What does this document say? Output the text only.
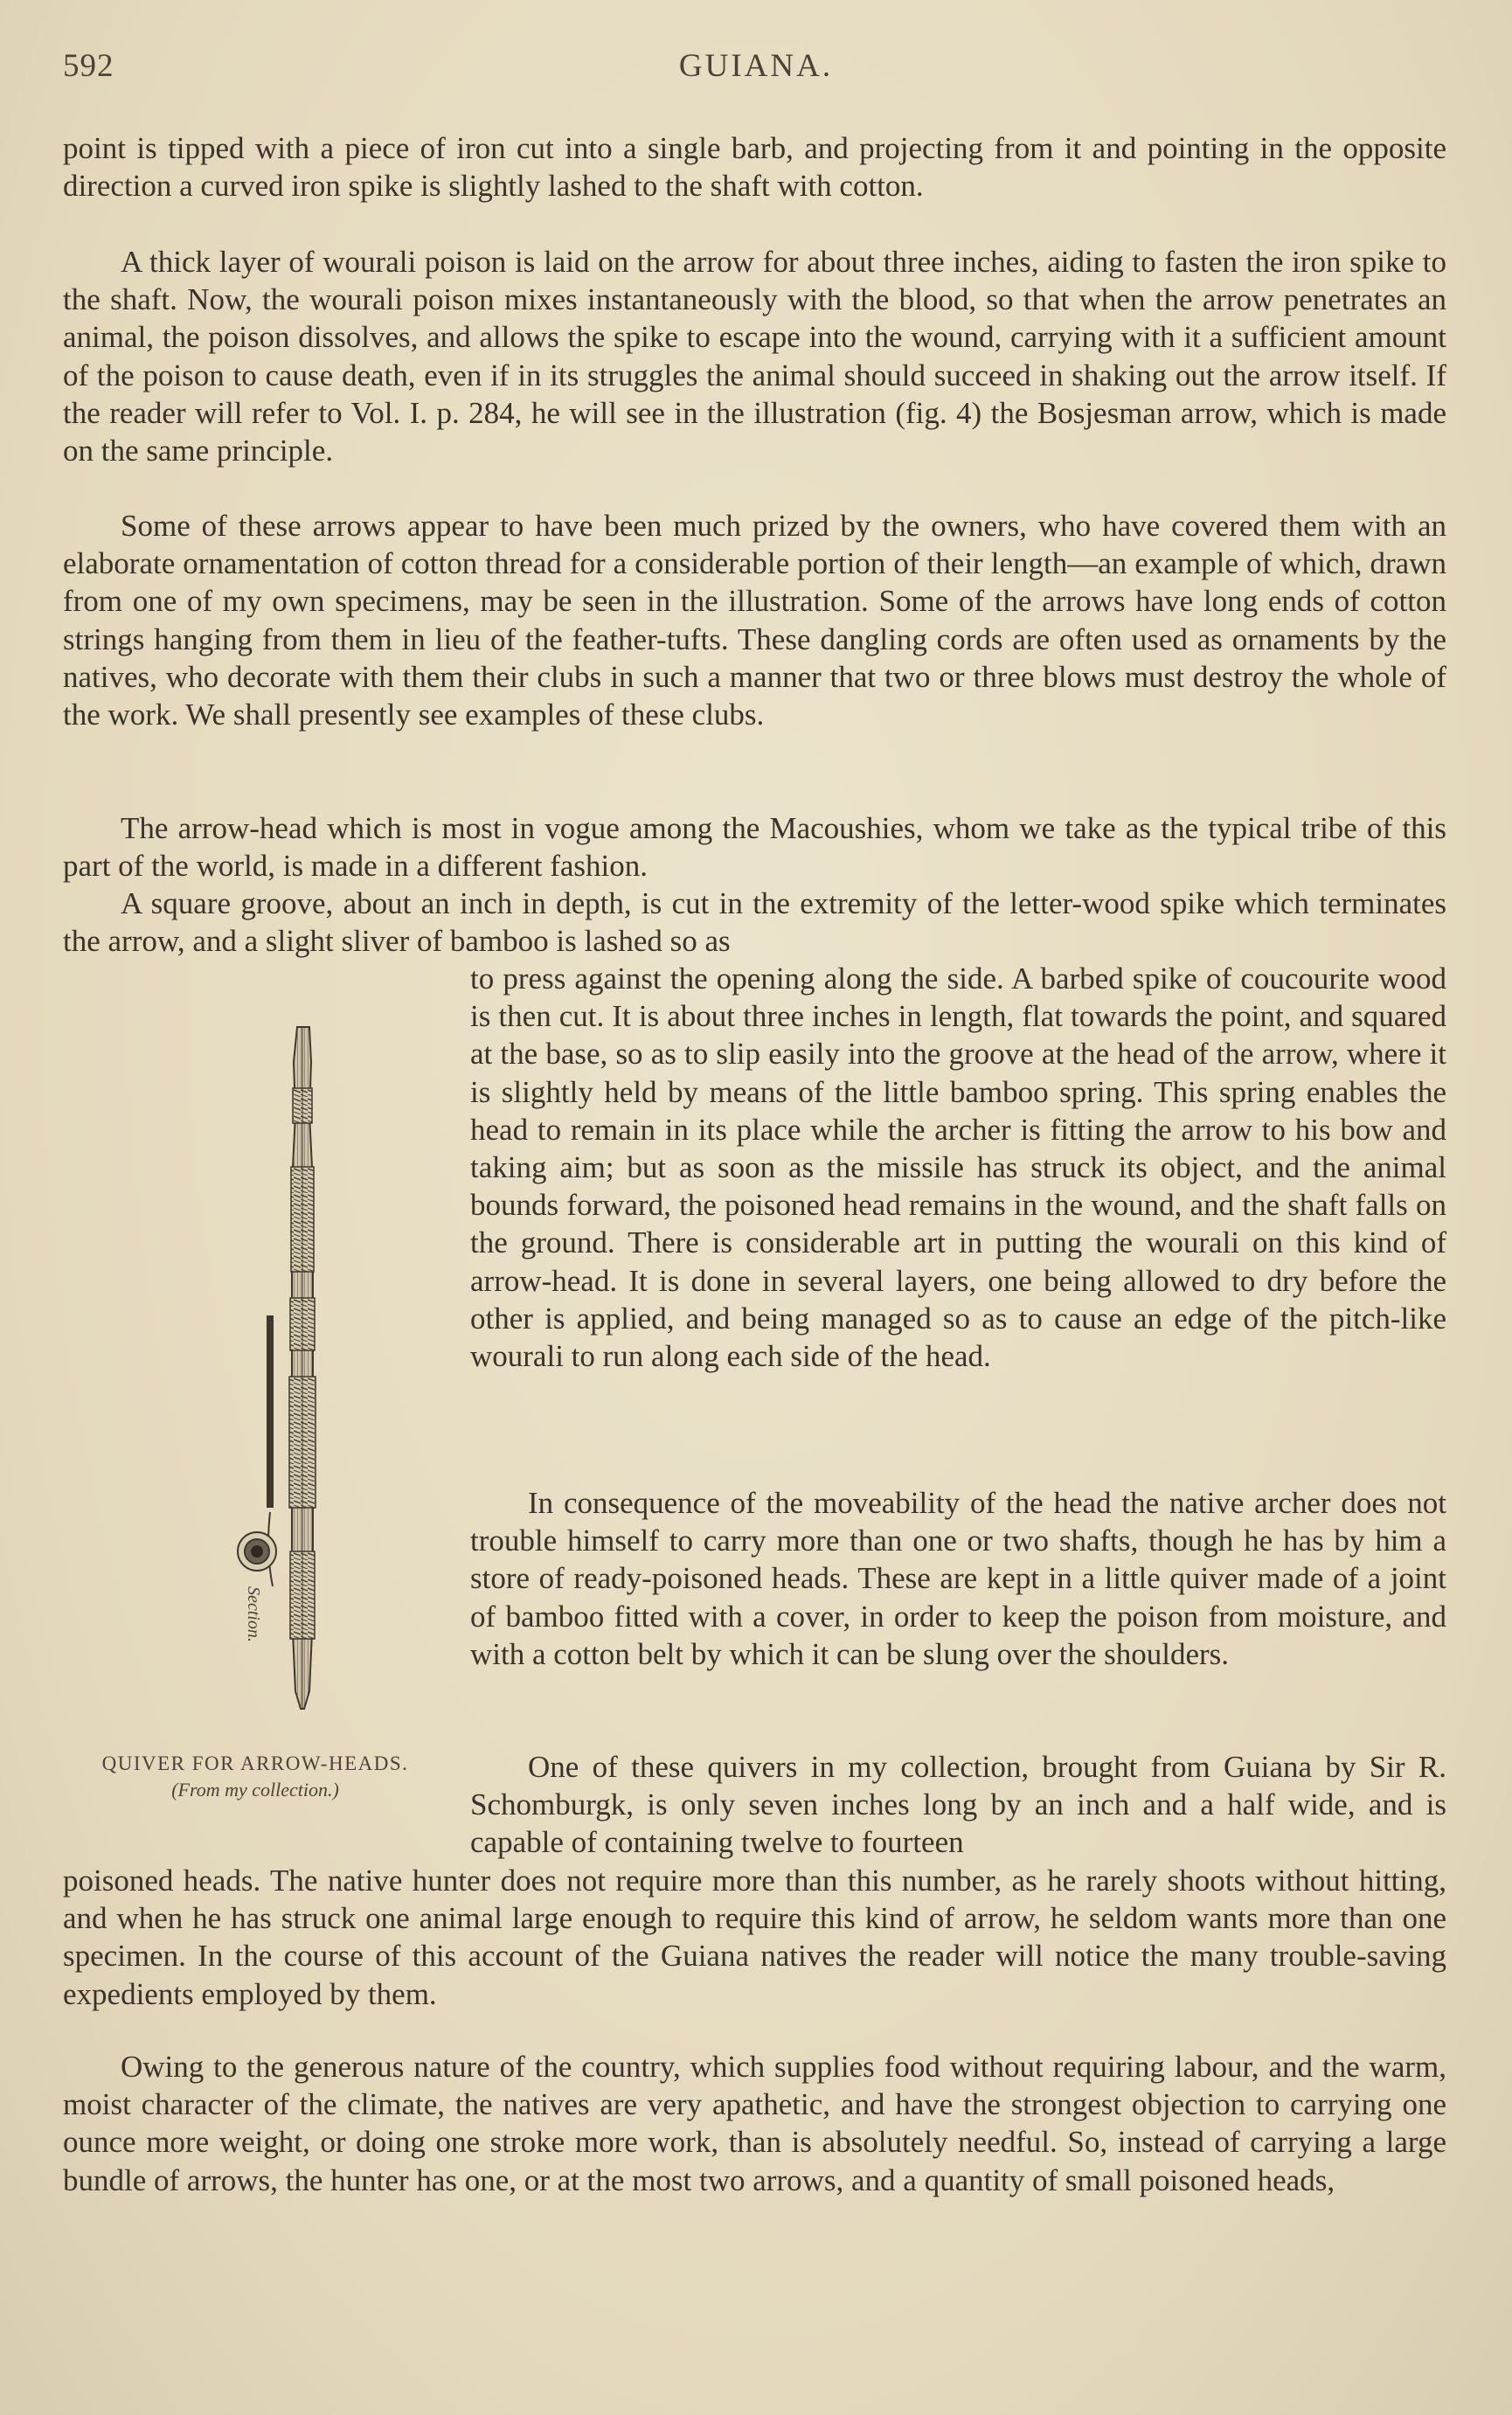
592	GUIANA.

point is tipped with a piece of iron cut into a single barb, and projecting from it and pointing in the opposite direction a curved iron spike is slightly lashed to the shaft with cotton.

A thick layer of wourali poison is laid on the arrow for about three inches, aiding to fasten the iron spike to the shaft. Now, the wourali poison mixes instantaneously with the blood, so that when the arrow penetrates an animal, the poison dissolves, and allows the spike to escape into the wound, carrying with it a sufficient amount of the poison to cause death, even if in its struggles the animal should succeed in shaking out the arrow itself. If the reader will refer to Vol. I. p. 284, he will see in the illustration (fig. 4) the Bosjesman arrow, which is made on the same principle.

Some of these arrows appear to have been much prized by the owners, who have covered them with an elaborate ornamentation of cotton thread for a considerable portion of their length—an example of which, drawn from one of my own specimens, may be seen in the illustration. Some of the arrows have long ends of cotton strings hanging from them in lieu of the feather-tufts. These dangling cords are often used as ornaments by the natives, who decorate with them their clubs in such a manner that two or three blows must destroy the whole of the work. We shall presently see examples of these clubs.

The arrow-head which is most in vogue among the Macoushies, whom we take as the typical tribe of this part of the world, is made in a different fashion.

A square groove, about an inch in depth, is cut in the extremity of the letter-wood spike which terminates the arrow, and a slight sliver of bamboo is lashed so as

to press against the opening along the side. A barbed spike of coucourite wood is then cut. It is about three inches in length, flat towards the point, and squared at the base, so as to slip easily into the groove at the head of the arrow, where it is slightly held by means of the little bamboo spring. This spring enables the head to remain in its place while the archer is fitting the arrow to his bow and taking aim; but as soon as the missile has struck its object, and the animal bounds forward, the poisoned head remains in the wound, and the shaft falls on the ground. There is considerable art in putting the wourali on this kind of arrow-head. It is done in several layers, one being allowed to dry before the other is applied, and being managed so as to cause an edge of the pitch-like wourali to run along each side of the head.

In consequence of the moveability of the head the native archer does not trouble himself to carry more than one or two shafts, though he has by him a store of ready-poisoned heads. These are kept in a little quiver made of a joint of bamboo fitted with a cover, in order to keep the poison from moisture, and with a cotton belt by which it can be slung over the shoulders.

One of these quivers in my collection, brought from Guiana by Sir R. Schomburgk, is only seven inches long by an inch and a half wide, and is capable of containing twelve to fourteen

poisoned heads. The native hunter does not require more than this number, as he rarely shoots without hitting, and when he has struck one animal large enough to require this kind of arrow, he seldom wants more than one specimen. In the course of this account of the Guiana natives the reader will notice the many trouble-saving expedients employed by them.

Owing to the generous nature of the country, which supplies food without requiring labour, and the warm, moist character of the climate, the natives are very apathetic, and have the strongest objection to carrying one ounce more weight, or doing one stroke more work, than is absolutely needful. So, instead of carrying a large bundle of arrows, the hunter has one, or at the most two arrows, and a quantity of small poisoned heads,

Section.
QUIVER FOR ARROW-HEADS.
(From my collection.)
